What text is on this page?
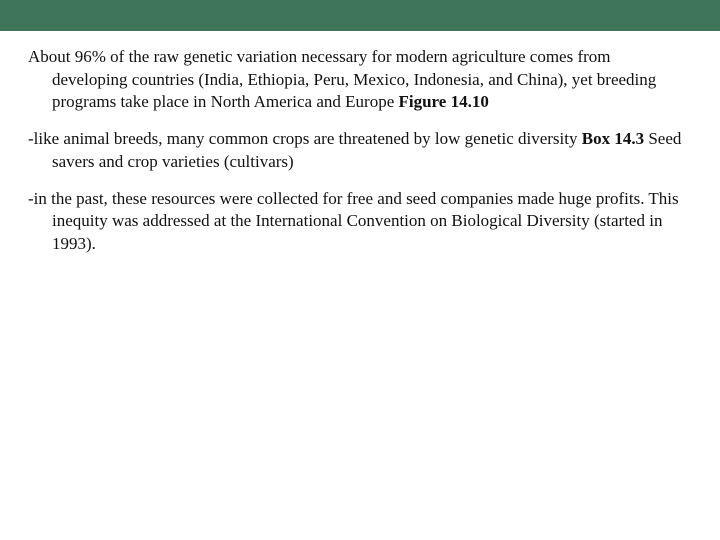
About 96% of the raw genetic variation necessary for modern agriculture comes from developing countries (India, Ethiopia, Peru, Mexico, Indonesia, and China), yet breeding programs take place in North America and Europe Figure 14.10

-like animal breeds, many common crops are threatened by low genetic diversity Box 14.3 Seed savers and crop varieties (cultivars)

-in the past, these resources were collected for free and seed companies made huge profits. This inequity was addressed at the International Convention on Biological Diversity (started in 1993).
